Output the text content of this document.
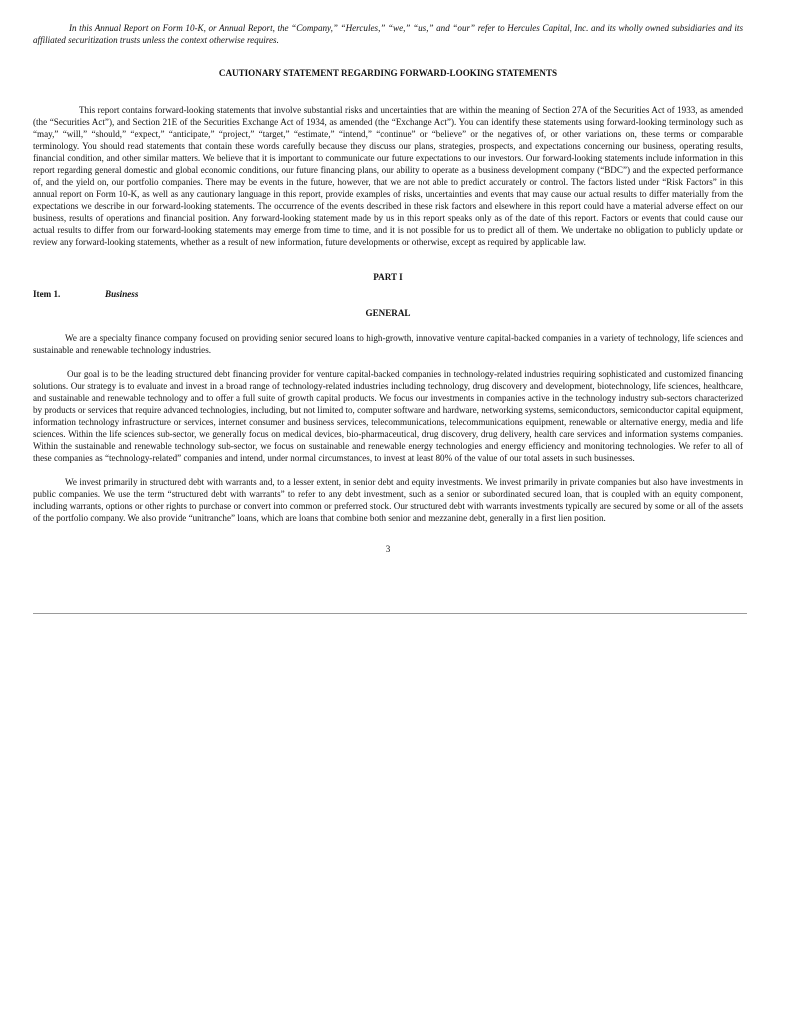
In this Annual Report on Form 10-K, or Annual Report, the “Company,” “Hercules,” “we,” “us,” and “our” refer to Hercules Capital, Inc. and its wholly owned subsidiaries and its affiliated securitization trusts unless the context otherwise requires.

CAUTIONARY STATEMENT REGARDING FORWARD-LOOKING STATEMENTS

This report contains forward-looking statements that involve substantial risks and uncertainties that are within the meaning of Section 27A of the Securities Act of 1933, as amended (the “Securities Act”), and Section 21E of the Securities Exchange Act of 1934, as amended (the “Exchange Act”). You can identify these statements using forward-looking terminology such as “may,” “will,” “should,” “expect,” “anticipate,” “project,” “target,” “estimate,” “intend,” “continue” or “believe” or the negatives of, or other variations on, these terms or comparable terminology. You should read statements that contain these words carefully because they discuss our plans, strategies, prospects, and expectations concerning our business, operating results, financial condition, and other similar matters. We believe that it is important to communicate our future expectations to our investors. Our forward-looking statements include information in this report regarding general domestic and global economic conditions, our future financing plans, our ability to operate as a business development company (“BDC”) and the expected performance of, and the yield on, our portfolio companies. There may be events in the future, however, that we are not able to predict accurately or control. The factors listed under “Risk Factors” in this annual report on Form 10-K, as well as any cautionary language in this report, provide examples of risks, uncertainties and events that may cause our actual results to differ materially from the expectations we describe in our forward-looking statements. The occurrence of the events described in these risk factors and elsewhere in this report could have a material adverse effect on our business, results of operations and financial position. Any forward-looking statement made by us in this report speaks only as of the date of this report. Factors or events that could cause our actual results to differ from our forward-looking statements may emerge from time to time, and it is not possible for us to predict all of them. We undertake no obligation to publicly update or review any forward-looking statements, whether as a result of new information, future developments or otherwise, except as required by applicable law.

PART I

Item 1.	Business

GENERAL

We are a specialty finance company focused on providing senior secured loans to high-growth, innovative venture capital-backed companies in a variety of technology, life sciences and sustainable and renewable technology industries.

Our goal is to be the leading structured debt financing provider for venture capital-backed companies in technology-related industries requiring sophisticated and customized financing solutions. Our strategy is to evaluate and invest in a broad range of technology-related industries including technology, drug discovery and development, biotechnology, life sciences, healthcare, and sustainable and renewable technology and to offer a full suite of growth capital products. We focus our investments in companies active in the technology industry sub-sectors characterized by products or services that require advanced technologies, including, but not limited to, computer software and hardware, networking systems, semiconductors, semiconductor capital equipment, information technology infrastructure or services, internet consumer and business services, telecommunications, telecommunications equipment, renewable or alternative energy, media and life sciences. Within the life sciences sub-sector, we generally focus on medical devices, bio-pharmaceutical, drug discovery, drug delivery, health care services and information systems companies. Within the sustainable and renewable technology sub-sector, we focus on sustainable and renewable energy technologies and energy efficiency and monitoring technologies. We refer to all of these companies as “technology-related” companies and intend, under normal circumstances, to invest at least 80% of the value of our total assets in such businesses.

We invest primarily in structured debt with warrants and, to a lesser extent, in senior debt and equity investments. We invest primarily in private companies but also have investments in public companies. We use the term “structured debt with warrants” to refer to any debt investment, such as a senior or subordinated secured loan, that is coupled with an equity component, including warrants, options or other rights to purchase or convert into common or preferred stock. Our structured debt with warrants investments typically are secured by some or all of the assets of the portfolio company. We also provide “unitranche” loans, which are loans that combine both senior and mezzanine debt, generally in a first lien position.

3
